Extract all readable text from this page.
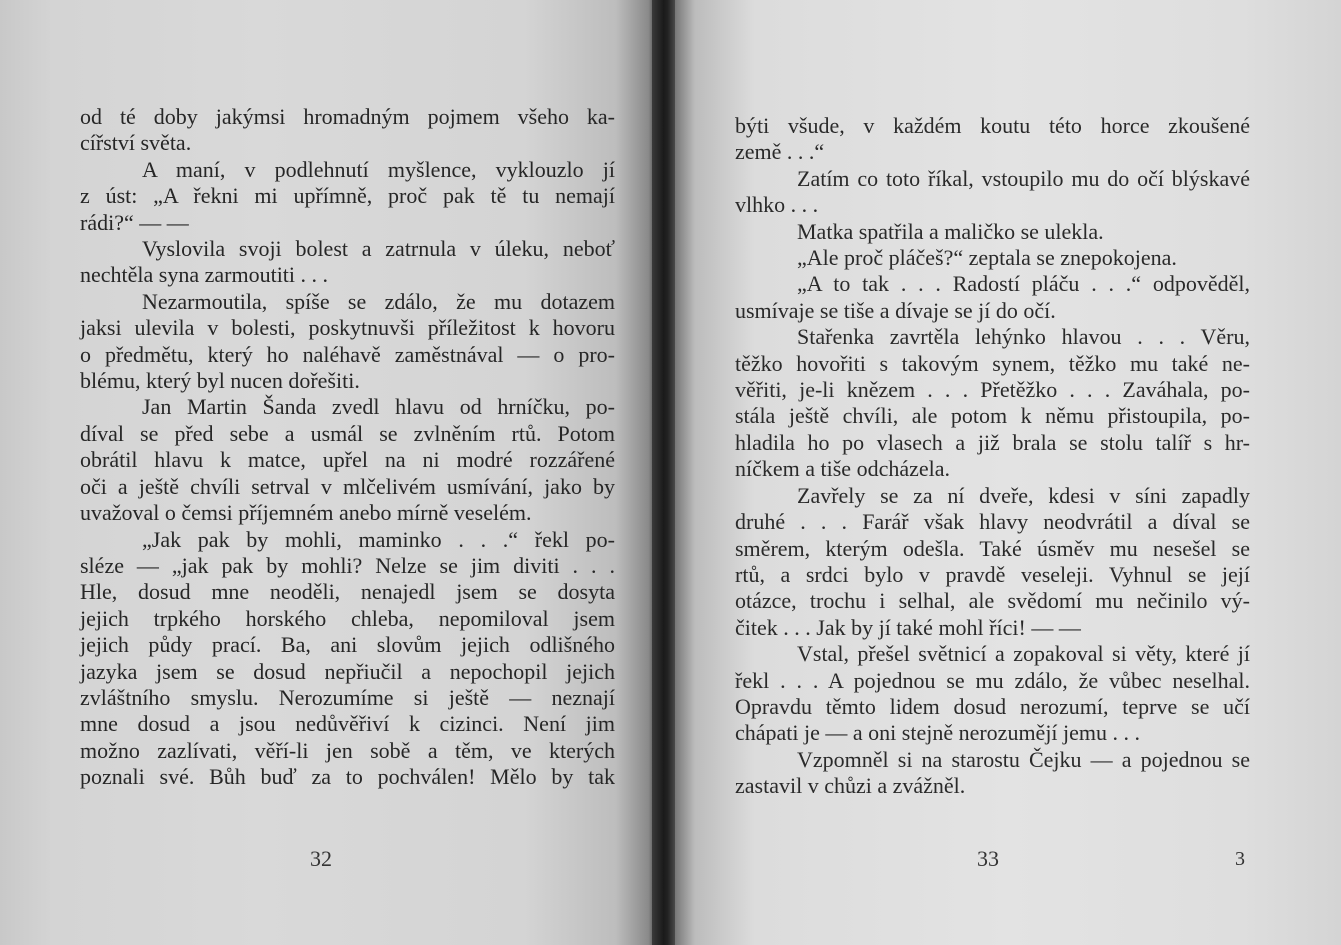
od té doby jakýmsi hromadným pojmem všeho ka-
cířství světa.
A maní, v podlehnutí myšlence, vyklouzlo jí
z úst: „A řekni mi upřímně, proč pak tě tu nemají
rádi?“ — —
Vyslovila svoji bolest a zatrnula v úleku, neboť
nechtěla syna zarmoutiti . . .
Nezarmoutila, spíše se zdálo, že mu dotazem
jaksi ulevila v bolesti, poskytnuvši příležitost k hovoru
o předmětu, který ho naléhavě zaměstnával — o pro-
blému, který byl nucen dořešiti.
Jan Martin Šanda zvedl hlavu od hrníčku, po-
díval se před sebe a usmál se zvlněním rtů. Potom
obrátil hlavu k matce, upřel na ni modré rozzářené
oči a ještě chvíli setrval v mlčelivém usmívání, jako by
uvažoval o čemsi příjemném anebo mírně veselém.
„Jak pak by mohli, maminko . . .“ řekl po-
sléze — „jak pak by mohli? Nelze se jim diviti . . .
Hle, dosud mne neoděli, nenajedl jsem se dosyta
jejich trpkého horského chleba, nepomiloval jsem
jejich půdy prací. Ba, ani slovům jejich odlišného
jazyka jsem se dosud nepřiučil a nepochopil jejich
zvláštního smyslu. Nerozumíme si ještě — neznají
mne dosud a jsou nedůvěřiví k cizinci. Není jim
možno zazlívati, věří-li jen sobě a těm, ve kterých
poznali své. Bůh buď za to pochválen! Mělo by tak
32
býti všude, v každém koutu této horce zkoušené
země . . .“
Zatím co toto říkal, vstoupilo mu do očí blýskavé
vlhko . . .
Matka spatřila a maličko se ulekla.
„Ale proč pláčeš?“ zeptala se znepokojena.
„A to tak . . . Radostí pláču . . .“ odpověděl,
usmívaje se tiše a dívaje se jí do očí.
Stařenka zavrtěla lehýnko hlavou . . . Věru,
těžko hovořiti s takovým synem, těžko mu také ne-
věřiti, je-li knězem . . . Přetěžko . . . Zaváhala, po-
stála ještě chvíli, ale potom k němu přistoupila, po-
hladila ho po vlasech a již brala se stolu talíř s hr-
níčkem a tiše odcházela.
Zavřely se za ní dveře, kdesi v síni zapadly
druhé . . . Farář však hlavy neodvrátil a díval se
směrem, kterým odešla. Také úsměv mu nesešel se
rtů, a srdci bylo v pravdě veseleji. Vyhnul se její
otázce, trochu i selhal, ale svědomí mu nečinilo vý-
čitek . . . Jak by jí také mohl říci! — —
Vstal, přešel světnicí a zopakoval si věty, které jí
řekl . . . A pojednou se mu zdálo, že vůbec neselhal.
Opravdu těmto lidem dosud nerozumí, teprve se učí
chápati je — a oni stejně nerozumějí jemu . . .
Vzpomněl si na starostu Čejku — a pojednou se
zastavil v chůzi a zvážněl.
33	3
